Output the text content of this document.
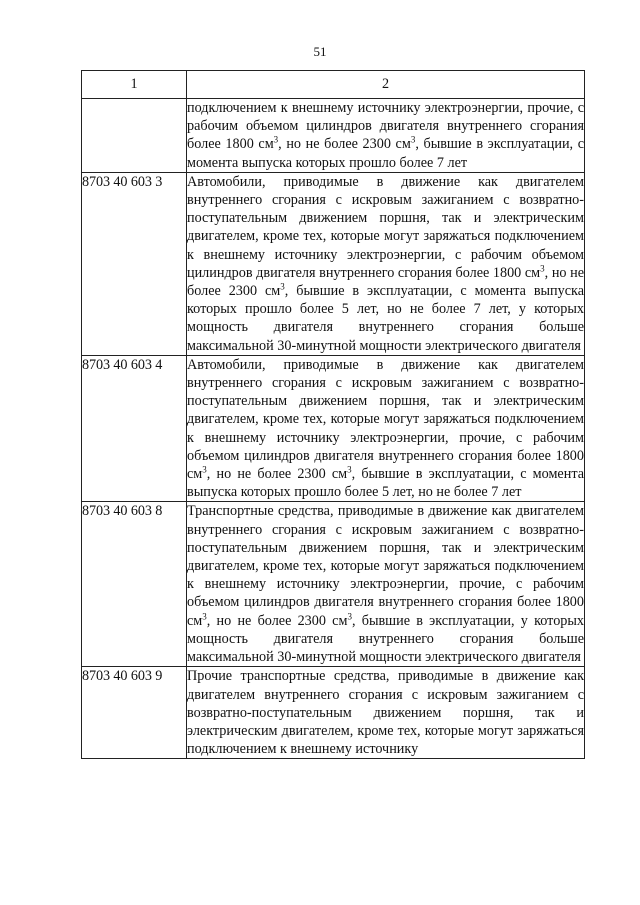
51
1	2

	подключением к внешнему источнику электроэнергии, прочие, с рабочим объемом цилиндров двигателя внутреннего сгорания более 1800 $см^3$, но не более 2300 $см^3$, бывшие в эксплуатации, с момента выпуска которых прошло более 7 лет

8703 40 603 3	Автомобили, приводимые в движение как двигателем внутреннего сгорания с искровым зажиганием с возвратно-поступательным движением поршня, так и электрическим двигателем, кроме тех, которые могут заряжаться подключением к внешнему источнику электроэнергии, с рабочим объемом цилиндров двигателя внутреннего сгорания более 1800 $см^3$, но не более 2300 $см^3$, бывшие в эксплуатации, с момента выпуска которых прошло более 5 лет, но не более 7 лет, у которых мощность двигателя внутреннего сгорания больше максимальной 30-минутной мощности электрического двигателя

8703 40 603 4	Автомобили, приводимые в движение как двигателем внутреннего сгорания с искровым зажиганием с возвратно-поступательным движением поршня, так и электрическим двигателем, кроме тех, которые могут заряжаться подключением к внешнему источнику электроэнергии, прочие, с рабочим объемом цилиндров двигателя внутреннего сгорания более 1800 $см^3$, но не более 2300 $см^3$, бывшие в эксплуатации, с момента выпуска которых прошло более 5 лет, но не более 7 лет

8703 40 603 8	Транспортные средства, приводимые в движение как двигателем внутреннего сгорания с искровым зажиганием с возвратно-поступательным движением поршня, так и электрическим двигателем, кроме тех, которые могут заряжаться подключением к внешнему источнику электроэнергии, прочие, с рабочим объемом цилиндров двигателя внутреннего сгорания более 1800 $см^3$, но не более 2300 $см^3$, бывшие в эксплуатации, у которых мощность двигателя внутреннего сгорания больше максимальной 30-минутной мощности электрического двигателя

8703 40 603 9	Прочие транспортные средства, приводимые в движение как двигателем внутреннего сгорания с искровым зажиганием с возвратно-поступательным движением поршня, так и электрическим двигателем, кроме тех, которые могут заряжаться подключением к внешнему источнику
